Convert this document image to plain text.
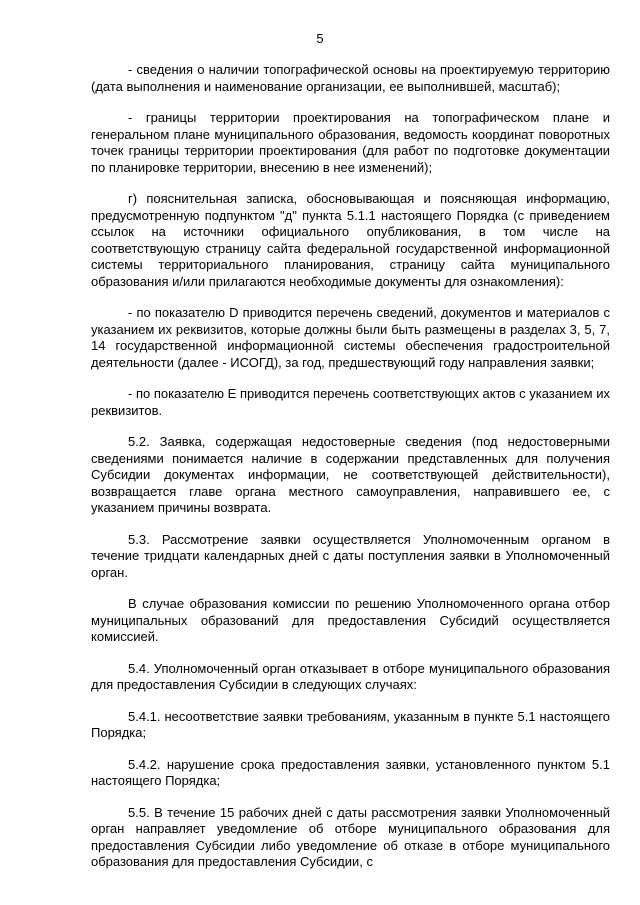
5

- сведения о наличии топографической основы на проектируемую территорию (дата выполнения и наименование организации, ее выполнившей, масштаб);

- границы территории проектирования на топографическом плане и генеральном плане муниципального образования, ведомость координат поворотных точек границы территории проектирования (для работ по подготовке документации по планировке территории, внесению в нее изменений);

г) пояснительная записка, обосновывающая и поясняющая информацию, предусмотренную подпунктом "д" пункта 5.1.1 настоящего Порядка (с приведением ссылок на источники официального опубликования, в том числе на соответствующую страницу сайта федеральной государственной информационной системы территориального планирования, страницу сайта муниципального образования и/или прилагаются необходимые документы для ознакомления):

- по показателю D приводится перечень сведений, документов и материалов с указанием их реквизитов, которые должны были быть размещены в разделах 3, 5, 7, 14 государственной информационной системы обеспечения градостроительной деятельности (далее - ИСОГД), за год, предшествующий году направления заявки;

- по показателю E приводится перечень соответствующих актов с указанием их реквизитов.

5.2. Заявка, содержащая недостоверные сведения (под недостоверными сведениями понимается наличие в содержании представленных для получения Субсидии документах информации, не соответствующей действительности), возвращается главе органа местного самоуправления, направившего ее, с указанием причины возврата.

5.3. Рассмотрение заявки осуществляется Уполномоченным органом в течение тридцати календарных дней с даты поступления заявки в Уполномоченный орган.

В случае образования комиссии по решению Уполномоченного органа отбор муниципальных образований для предоставления Субсидий осуществляется комиссией.

5.4. Уполномоченный орган отказывает в отборе муниципального образования для предоставления Субсидии в следующих случаях:

5.4.1. несоответствие заявки требованиям, указанным в пункте 5.1 настоящего Порядка;

5.4.2. нарушение срока предоставления заявки, установленного пунктом 5.1 настоящего Порядка;

5.5. В течение 15 рабочих дней с даты рассмотрения заявки Уполномоченный орган направляет уведомление об отборе муниципального образования для предоставления Субсидии либо уведомление об отказе в отборе муниципального образования для предоставления Субсидии, с
